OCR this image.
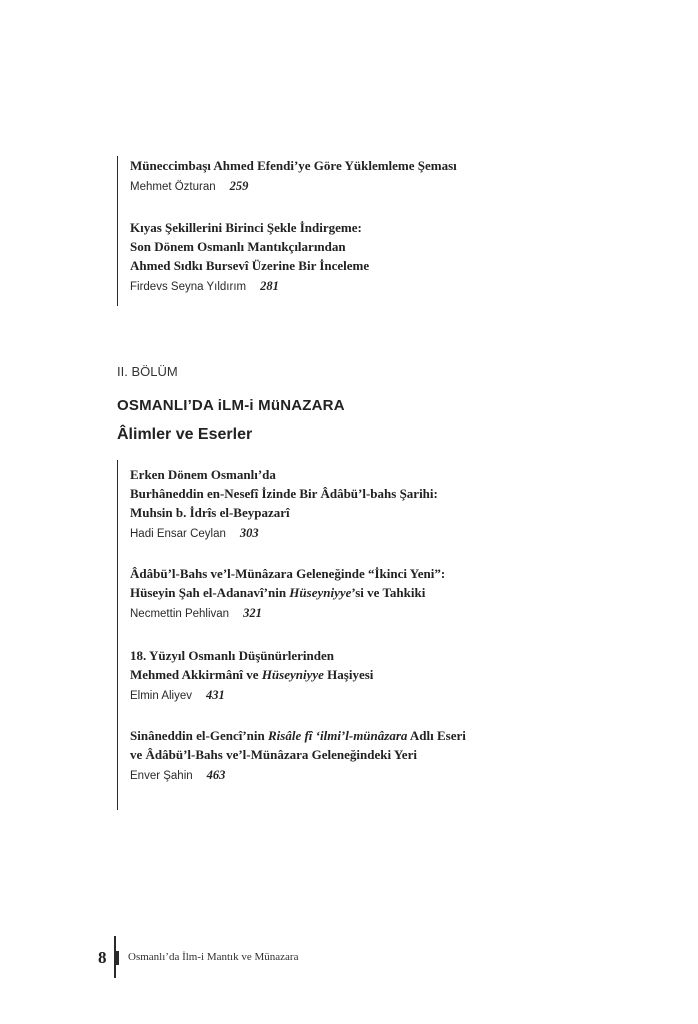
Müneccimbaşı Ahmed Efendi’ye Göre Yüklemleme Şeması
Mehmet Özturan 259
Kıyas Şekillerini Birinci Şekle İndirgeme:
Son Dönem Osmanlı Mantıkçılarından
Ahmed Sıdkı Bursevî Üzerine Bir İnceleme
Firdevs Seyna Yıldırım 281
II. BÖLÜM
OSMANLI’DA iLM-i MüNAZARA
Âlimler ve Eserler
Erken Dönem Osmanlı’da
Burhâneddin en-Nesefî İzinde Bir Âdâbü’l-bahs Şarihi:
Muhsin b. İdrîs el-Beypazarî
Hadi Ensar Ceylan 303
Âdâbü’l-Bahs ve’l-Münâzara Geleneğinde “İkinci Yeni”:
Hüseyin Şah el-Adanavî’nin Hüseyniyye’si ve Tahkiki
Necmettin Pehlivan 321
18. Yüzyıl Osmanlı Düşünürlerinden
Mehmed Akkirmânî ve Hüseyniyye Haşiyesi
Elmin Aliyev 431
Sinâneddin el-Gencî’nin Risâle fî ‘ilmi’l-münâzara Adlı Eseri
ve Âdâbü’l-Bahs ve’l-Münâzara Geleneğindeki Yeri
Enver Şahin 463
8 Osmanlı’da İlm-i Mantık ve Münazara
